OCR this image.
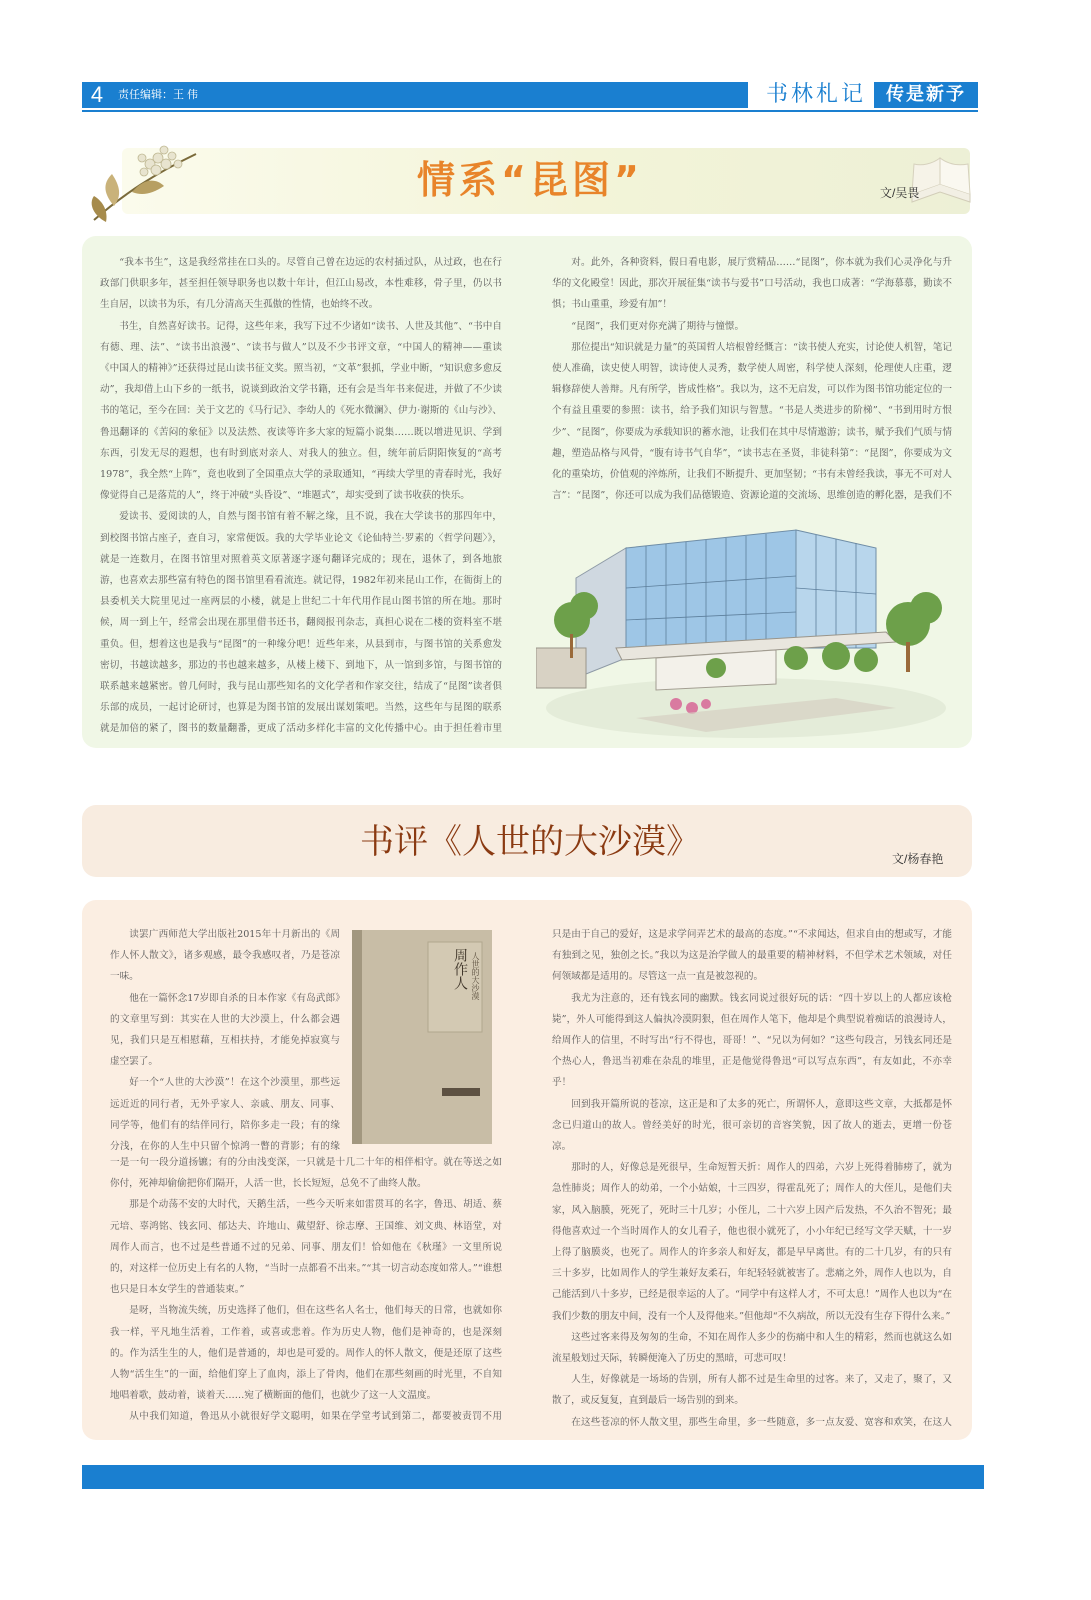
4	责任编辑：王 伟	书林札记	传是新予
情系“昆图”	文/吴畏

“我本书生”，这是我经常挂在口头的。尽管自己曾在边远的农村插过队，从过政，也在行政部门供职多年，甚至担任领导职务也以数十年计，但江山易改，本性难移，骨子里，仍以书生自居，以读书为乐，有几分清高天生孤傲的性情，也始终不改。

书生，自然喜好读书。记得，这些年来，我写下过不少诸如“读书、人世及其他”、“书中自有德、理、法”、“读书出浪漫”、“读书与做人”以及不少书评文章，“中国人的精神——重读《中国人的精神》”还获得过昆山读书征文奖。照当初，“文革”狠抓，学业中断，“知识愈多愈反动”，我却借上山下乡的一纸书，说谈到政治文学书籍，还有会是当年书来促进，并做了不少读书的笔记，至今在回：关于文艺的《马行记》、李幼人的《死水微澜》、伊力·谢斯的《山与沙》、鲁迅翻译的《苦闷的象征》以及法然、夜读等许多大家的短篇小说集……既以增进见识、学到东西，引发无尽的遐想，也有时到底对亲人、对我人的独立。但，统年前后阴阳恢复的“高考1978”，我全然“上阵”，竟也收到了全国重点大学的录取通知，“再续大学里的青春时光，我好像觉得自己是落荒的人”，终于冲破“头昏设”、“堆题式”，却实受到了读书收获的快乐。

爱读书、爱阅读的人，自然与图书馆有着不解之缘，且不说，我在大学读书的那四年中，到校图书馆占座子，查自习，家常便饭。我的大学毕业论文《论仙特兰·罗素的〈哲学问题〉》，就是一连数月，在图书馆里对照着英文原著逐字逐句翻译完成的；现在，退休了，到各地旅游，也喜欢去那些富有特色的图书馆里看看流连。就记得，1982年初来昆山工作，在衙街上的县委机关大院里见过一座两层的小楼，就是上世纪二十年代用作昆山图书馆的所在地。那时候，周一到上午，经常会出现在那里借书还书，翻阅报刊杂志，真担心说在二楼的资料室不堪重负。但，想着这也是我与“昆图”的一种缘分吧！近些年来，从县到市，与图书馆的关系愈发密切，书越读越多，那边的书也越来越多，从楼上楼下、到地下，从一馆到多馆，与图书馆的联系越来越紧密。曾几何时，我与昆山那些知名的文化学者和作家交往，结成了“昆图”读者俱乐部的成员，一起讨论研讨，也算是为图书馆的发展出谋划策吧。当然，这些年与昆图的联系就是加倍的紧了，图书的数量翻番，更成了活动多样化丰富的文化传播中心。由于担任着市里

对。此外，各种资料，假日看电影，展厅赏精品……“昆图”，你本就为我们心灵净化与升华的文化殿堂！因此，那次开展征集“读书与爱书”口号活动，我也口成著：“学海慕慕，勤读不惧；书山重重，珍爱有加”！

“昆图”，我们更对你充满了期待与憧憬。

那位提出“知识就是力量”的英国哲人培根曾经慨言：“读书使人充实，讨论使人机智，笔记使人准确，读史使人明智，读诗使人灵秀，数学使人周密，科学使人深刻，伦理使人庄重，逻辑修辞使人善辩。凡有所学，皆成性格”。我以为，这不无启发，可以作为图书馆功能定位的一个有益且重要的参照：读书，给予我们知识与智慧。“书是人类进步的阶梯”、“书到用时方恨少”、“昆图”，你要成为承载知识的蓄水池，让我们在其中尽情遨游；读书，赋予我们气质与情趣，塑造品格与风骨，“腹有诗书气自华”，“读书志在圣贤，非徒科第”：“昆图”，你要成为文化的重染坊，价值观的淬炼所，让我们不断提升、更加坚韧；“书有未曾经我读，事无不可对人言”：“昆图”，你还可以成为我们品德锻造、资源论道的交流场、思维创造的孵化器，是我们不

书评《人世的大沙漠》	文/杨春艳

读罢广西师范大学出版社2015年十月新出的《周作人怀人散文》，诸多观感，最令我感叹者，乃是苍凉一味。

他在一篇怀念17岁即自杀的日本作家《有岛武郎》的文章里写到：其实在人世的大沙漠上，什么都会遇见，我们只是互相慰藉，互相扶持，才能免掉寂寞与虚空罢了。

好一个“人世的大沙漠”！在这个沙漠里，那些远远近近的同行者，无外乎家人、亲戚、朋友、同事、同学等，他们有的结伴同行，陪你多走一段；有的缘分浅，在你的人生中只留个惊鸿一瞥的背影；有的缘

周作人 人世的大沙漠

一是一句一段分道扬镳；有的分由浅变深，一只就是十几二十年的相伴相守。就在等送之如你付，死神却偷偷把你们隔开，人活一世，长长短短，总免不了曲终人散。

那是个动荡不安的大时代，天鹅生活，一些今天听来如雷贯耳的名字，鲁迅、胡适、蔡元培、辜鸿铭、钱玄同、郁达夫、许地山、戴望舒、徐志摩、王国维、刘文典、林语堂，对周作人而言，也不过是些普通不过的兄弟、同事、朋友们！恰如他在《秋瑾》一文里所说的，对这样一位历史上有名的人物，“当时一点都看不出来。”“其一切言动态度如常人。”“谁想也只是日本女学生的普通装束。”

是呀，当物流失统，历史选择了他们，但在这些名人名士，他们每天的日常，也就如你我一样，平凡地生活着，工作着，或喜或悲着。作为历史人物，他们是神奇的，也是深刻的。作为活生生的人，他们是普通的，却也是可爱的。周作人的怀人散文，便是还原了这些人物“活生生”的一面，给他们穿上了血肉，添上了骨肉，他们在那些刻画的时光里，不自知地唱着歌，鼓动着，谈着天……宛了横断面的他们，也就少了这一人文温度。

从中我们知道，鲁迅从小就很好学文聪明，如果在学堂考试到第二，都要被责罚不用

只是由于自己的爱好，这是求学问弄艺术的最高的态度。”“不求闻达，但求自由的想或写，才能有独到之见，独创之长。”我以为这是治学做人的最重要的精神材料，不但学术艺术领域，对任何领域都是适用的。尽管这一点一直是被忽视的。

我尤为注意的，还有钱玄同的幽默。钱玄同说过很好玩的话：“四十岁以上的人都应该枪毙”，外人可能得到这人偏执冷漠阴狠，但在周作人笔下，他却是个典型说着痴话的浪漫诗人，给周作人的信里，不时写出“行不得也，哥哥！”、“兄以为何如？”这些句段言，另钱玄同还是个热心人，鲁迅当初难在杂乱的堆里，正是他觉得鲁迅“可以写点东西”，有友如此，不亦幸乎！

回到我开篇所说的苍凉，这正是和了太多的死亡，所谓怀人，意即这些文章，大抵都是怀念已归道山的故人。曾经美好的时光，很可亲切的音容笑貌，因了故人的逝去，更增一份苍凉。

那时的人，好像总是死很早，生命短暂天折：周作人的四弟，六岁上死得着肺痨了，就为急性肺炎；周作人的幼弟，一个小姑娘，十三四岁，得霍乱死了；周作人的大侄儿，是他们夫家，风入脑膜，死死了，死时三十几岁；小侄儿，二十六岁上因产后发热，不久治不智死；最得他喜欢过一个当时周作人的女儿看子，他也很小就死了，小小年纪已经写文学天赋，十一岁上得了脑膜炎，也死了。周作人的许多亲人和好友，都是早早离世。有的二十几岁，有的只有三十多岁，比如周作人的学生兼好友柔石，年纪轻轻就被害了。悲痛之外，周作人也以为，自己能活到八十多岁，已经是很幸运的人了。“同学中有这样人才，不可太息！”周作人也以为“在我们少数的朋友中间，没有一个人及得他来。”但他却“不久病故，所以无没有生存下得什么来。”

这些过客来得及匆匆的生命，不知在周作人多少的伤痛中和人生的精彩，然而也就这么如流星般划过天际，转瞬便淹入了历史的黑暗，可悲可叹！

人生，好像就是一场场的告别，所有人都不过是生命里的过客。来了，又走了，聚了，又散了，或反复复，直到最后一场告别的到来。

在这些苍凉的怀人散文里，那些生命里，多一些随意，多一点友爱、宽容和欢笑，在这人
